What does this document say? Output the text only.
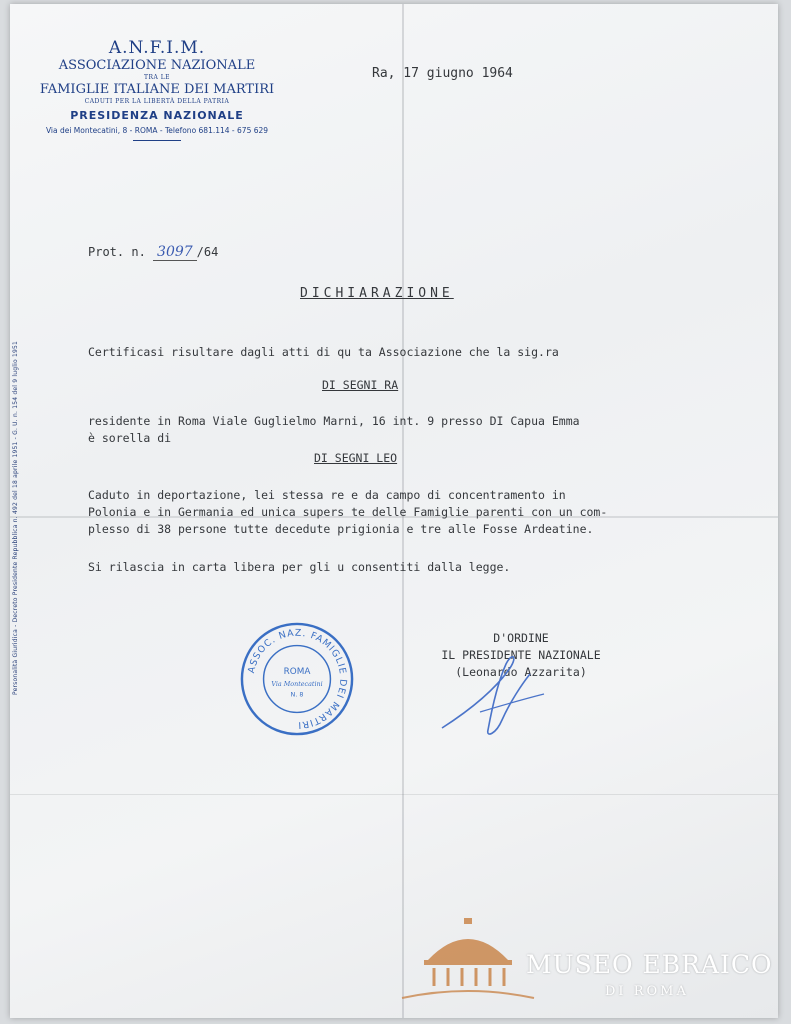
A.N.F.I.M.
ASSOCIAZIONE NAZIONALE
TRA LE
FAMIGLIE ITALIANE DEI MARTIRI
CADUTI PER LA LIBERTÀ DELLA PATRIA
PRESIDENZA NAZIONALE
Via dei Montecatini, 8 - ROMA - Telefono 681.114 - 675 629
Personalità Giuridica - Decreto Presidente Repubblica n. 492 del 18 aprile 1951 - G. U. n. 154 del 9 luglio 1951
Ra, 17 giugno 1964
Prot. n. 3097 /64
DICHIARAZIONE
Certificasi risultare dagli atti di qu ta Associazione che la sig.ra
DI SEGNI RA
residente in Roma Viale Guglielmo Marni, 16 int. 9 presso DI Capua Emma
è sorella di
DI SEGNI LEO
Caduto in deportazione, lei stessa re e da campo di concentramento in
Polonia e in Germania ed unica supers te delle Famiglie parenti con un com-
plesso di 38 persone tutte decedute prigionia e tre alle Fosse Ardeatine.
Si rilascia in carta libera per gli u consentiti dalla legge.
ASSOC. NAZ. FAMIGLIE DEI MARTIRI
ROMA
Via Montecatini
N. 8
D'ORDINE
IL PRESIDENTE NAZIONALE
(Leonardo Azzarita)
MUSEO EBRAICO
DI ROMA
